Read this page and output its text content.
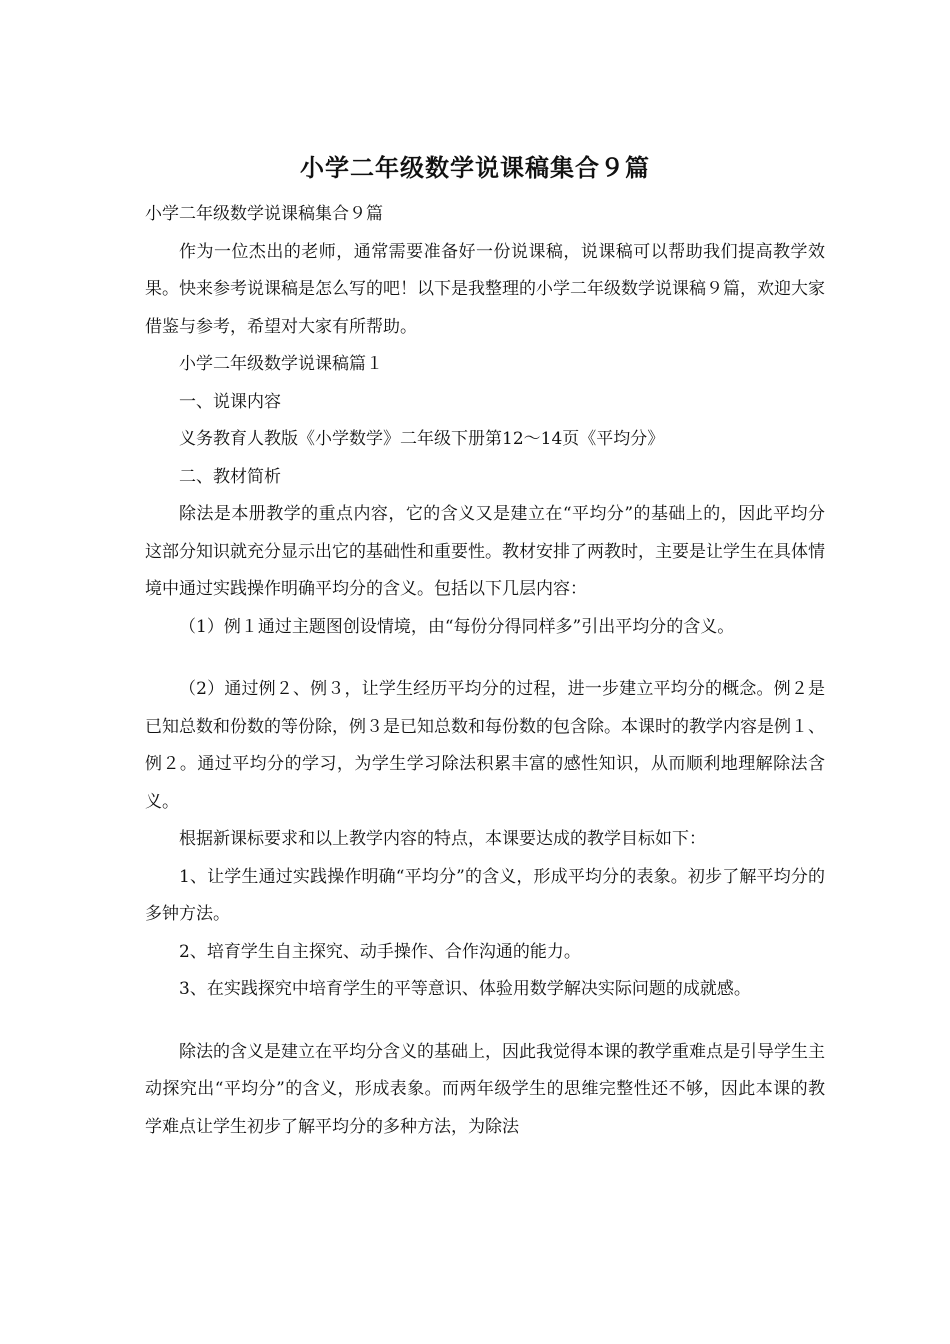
小学二年级数学说课稿集合９篇

小学二年级数学说课稿集合９篇

作为一位杰出的老师，通常需要准备好一份说课稿，说课稿可以帮助我们提高教学效果。快来参考说课稿是怎么写的吧！以下是我整理的小学二年级数学说课稿９篇，欢迎大家借鉴与参考，希望对大家有所帮助。

小学二年级数学说课稿篇１

一、说课内容

义务教育人教版《小学数学》二年级下册第12～14页《平均分》

二、教材简析

除法是本册教学的重点内容，它的含义又是建立在“平均分”的基础上的，因此平均分这部分知识就充分显示出它的基础性和重要性。教材安排了两教时，主要是让学生在具体情境中通过实践操作明确平均分的含义。包括以下几层内容：

（1）例１通过主题图创设情境，由“每份分得同样多”引出平均分的含义。

（2）通过例２、例３，让学生经历平均分的过程，进一步建立平均分的概念。例２是已知总数和份数的等份除，例３是已知总数和每份数的包含除。本课时的教学内容是例１、例２。通过平均分的学习，为学生学习除法积累丰富的感性知识，从而顺利地理解除法含义。

根据新课标要求和以上教学内容的特点，本课要达成的教学目标如下：

1、让学生通过实践操作明确“平均分”的含义，形成平均分的表象。初步了解平均分的多钟方法。

2、培育学生自主探究、动手操作、合作沟通的能力。

3、在实践探究中培育学生的平等意识、体验用数学解决实际问题的成就感。

除法的含义是建立在平均分含义的基础上，因此我觉得本课的教学重难点是引导学生主动探究出“平均分”的含义，形成表象。而两年级学生的思维完整性还不够，因此本课的教学难点让学生初步了解平均分的多种方法，为除法
